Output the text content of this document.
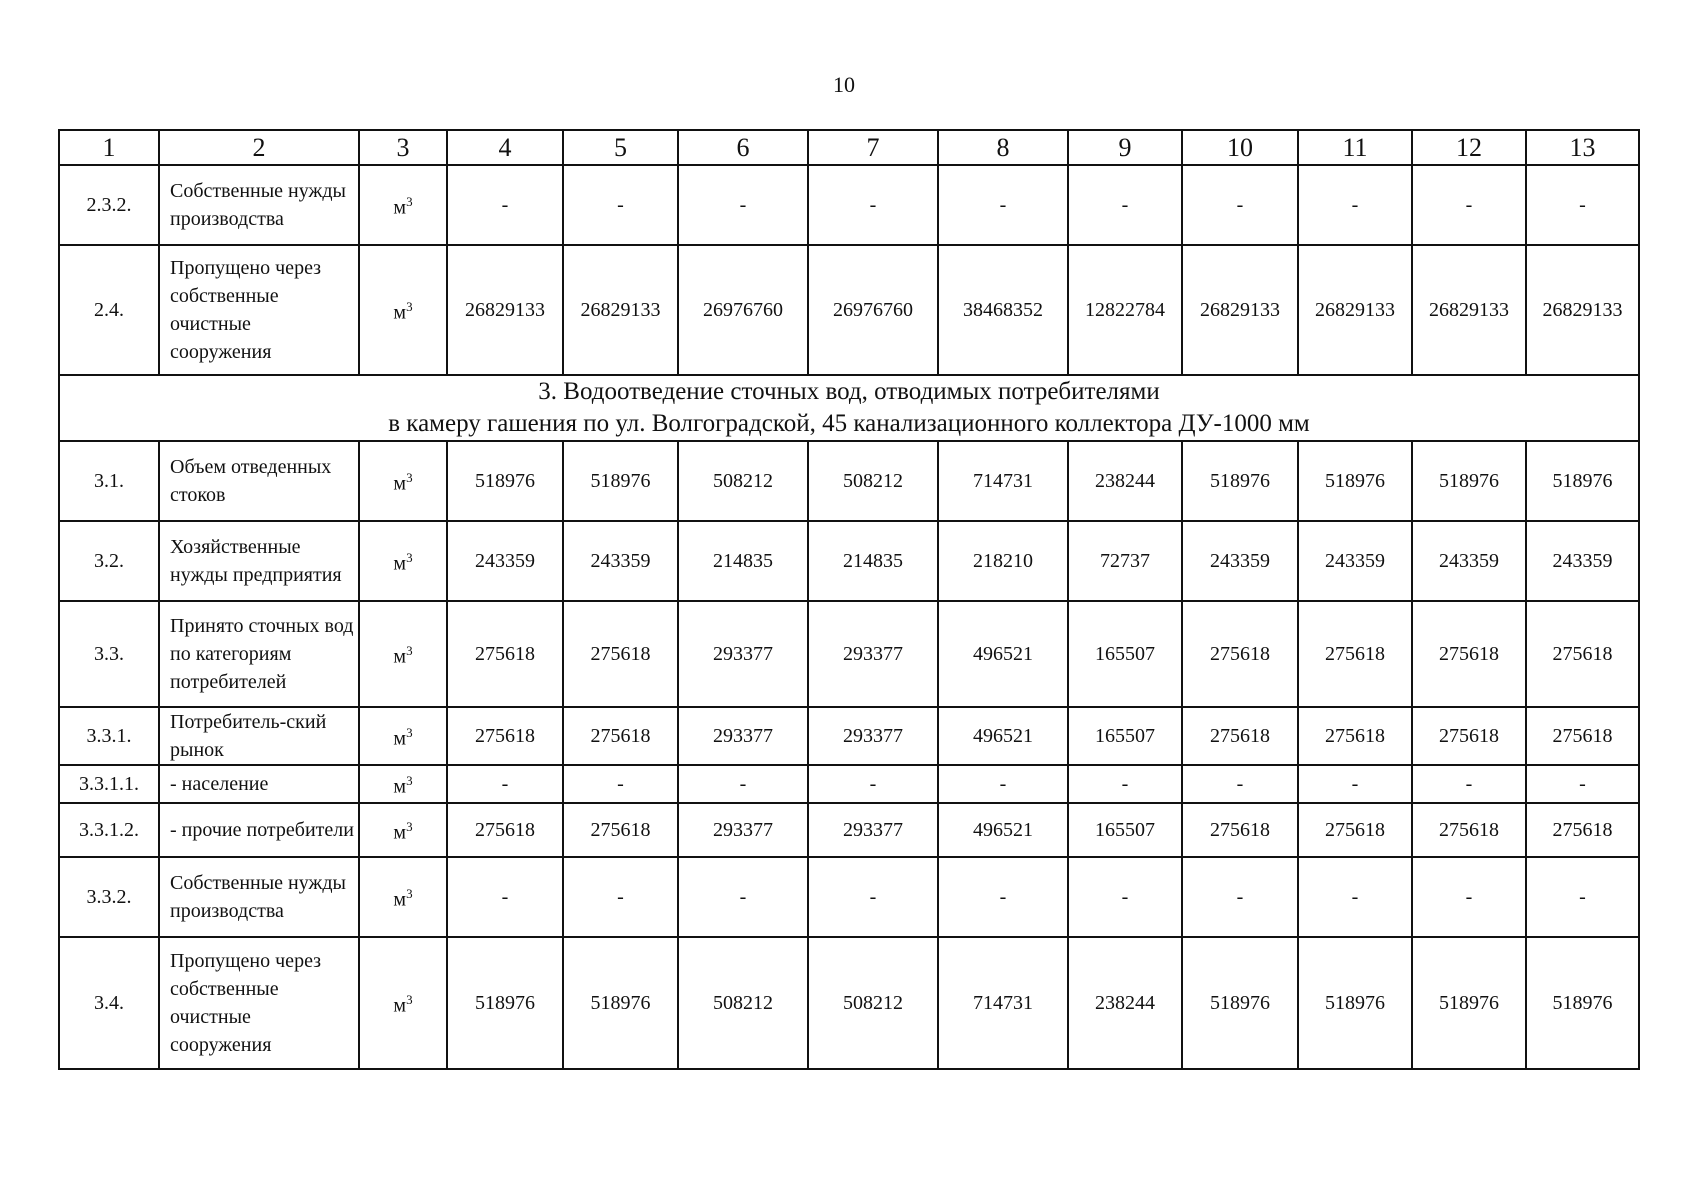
10
1	2	3	4	5	6	7	8	9	10	11	12	13
2.3.2.	Собственные нужды производства	$м^3$	-	-	-	-	-	-	-	-	-	-
2.4.	Пропущено через собственные очистные сооружения	$м^3$	26829133	26829133	26976760	26976760	38468352	12822784	26829133	26829133	26829133	26829133

3. Водоотведение сточных вод, отводимых потребителями
в камеру гашения по ул. Волгоградской, 45 канализационного коллектора ДУ-1000 мм												

3.1.	Объем отведенных стоков	$м^3$	518976	518976	508212	508212	714731	238244	518976	518976	518976	518976
3.2.	Хозяйственные нужды предприятия	$м^3$	243359	243359	214835	214835	218210	72737	243359	243359	243359	243359
3.3.	Принято сточных вод по категориям потребителей	$м^3$	275618	275618	293377	293377	496521	165507	275618	275618	275618	275618
3.3.1.	Потребитель-ский рынок	$м^3$	275618	275618	293377	293377	496521	165507	275618	275618	275618	275618
3.3.1.1.	- население	$м^3$	-	-	-	-	-	-	-	-	-	-
3.3.1.2.	- прочие потребители	$м^3$	275618	275618	293377	293377	496521	165507	275618	275618	275618	275618
3.3.2.	Собственные нужды производства	$м^3$	-	-	-	-	-	-	-	-	-	-
3.4.	Пропущено через собственные очистные сооружения	$м^3$	518976	518976	508212	508212	714731	238244	518976	518976	518976	518976
